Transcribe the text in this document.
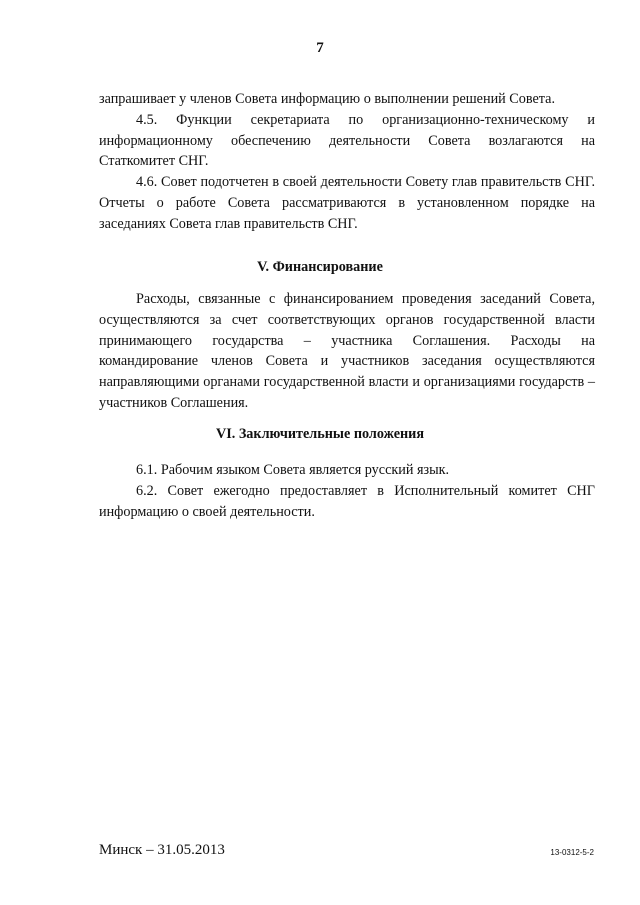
7

запрашивает у членов Совета информацию о выполнении решений Совета.

4.5. Функции секретариата по организационно-техническому и информационному обеспечению деятельности Совета возлагаются на Статкомитет СНГ.

4.6. Совет подотчетен в своей деятельности Совету глав правительств СНГ. Отчеты о работе Совета рассматриваются в установленном порядке на заседаниях Совета глав правительств СНГ.

V. Финансирование

Расходы, связанные с финансированием проведения заседаний Совета, осуществляются за счет соответствующих органов государственной власти принимающего государства – участника Соглашения. Расходы на командирование членов Совета и участников заседания осуществляются направляющими органами государственной власти и организациями государств – участников Соглашения.

VI. Заключительные положения

6.1. Рабочим языком Совета является русский язык.

6.2. Совет ежегодно предоставляет в Исполнительный комитет СНГ информацию о своей деятельности.

Минск – 31.05.2013	13-0312-5-2
